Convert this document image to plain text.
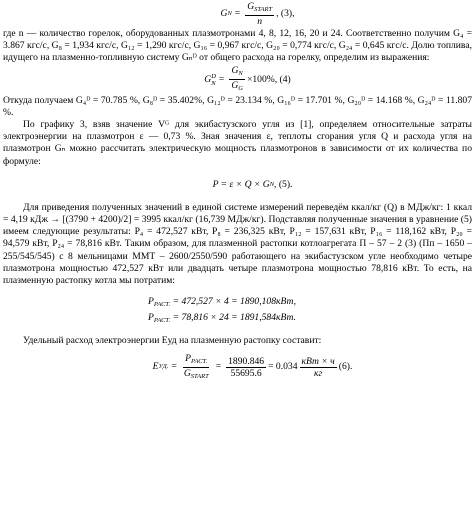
G $N = \frac{G_{START}}{n}$ , (3),

где n — количество горелок, оборудованных плазмотронами 4, 8, 12, 16, 20 и 24. Соответственно получим G₄ = 3.867 кгс/с, G₈ = 1,934 кгс/с, G₁₂ = 1,290 кгс/с, G₁₆ = 0,967 кгс/с, G₂₀ = 0,774 кгс/с, G₂₄ = 0,645 кгс/с. Долю топлива, идущего на плазменно-топливную систему Gₙᴰ от общего расхода на горелку, определим из выражения:

G D
$N = \frac{G_N}{G_G} \times 100\%$, (4)

Откуда получаем G₄ᴰ = 70.785 %, G₈ᴰ = 35.402%, G₁₂ᴰ = 23.134 %, G₁₆ᴰ = 17.701 %, G₂₀ᴰ = 14.168 %, G₂₄ᴰ = 11.807 %.

По графику 3, взяв значение Vᴳ для экибастузского угля из [1], определяем относительные затраты электроэнергии на плазмотрон ε — 0,73 %. Зная значения ε, теплоты сгорания угля Q и расхода угля на плазмотрон Gₙ можно рассчитать электрическую мощность плазмотронов в зависимости от их количества по формуле:

P = ε × Q × G N , (5).

Для приведения полученных значений в единой системе измерений переведём ккал/кг (Q) в МДж/кг: 1 ккал = 4,19 кДж → [(3790 + 4200)/2] = 3995 ккал/кг (16,739 МДж/кг). Подставляя полученные значения в уравнение (5) имеем следующие результаты: P₄ = 472,527 кВт, P₈ = 236,325 кВт, P₁₂ = 157,631 кВт, P₁₆ = 118,162 кВт, P₂₀ = 94,579 кВт, P₂₄ = 78,816 кВт. Таким образом, для плазменной растопки котлоагрегата П – 57 – 2 (3) (Пп – 1650 – 255/545/545) с 8 мельницами ММТ – 2600/2550/590 работающего на экибастузском угле необходимо четыре плазмотрона мощностью 472,527 кВт или двадцать четыре плазмотрона мощностью 78,816 кВт. То есть, на плазменную растопку котла мы потратим:

$P_{РАСТ.} = 472,527 \times 4 = 1890,108кВт$,
$P_{РАСТ.} = 78,816 \times 24 = 1891,584кВт$.

Удельный расход электроэнергии Eуд на плазменную растопку составит:

E УД. = $\frac{P_{РАСТ.}}{G_{START}} = \frac{1890.846}{55695.6} = 0.034 \frac{\text{кВт × ч}}{кг} (6)$.
